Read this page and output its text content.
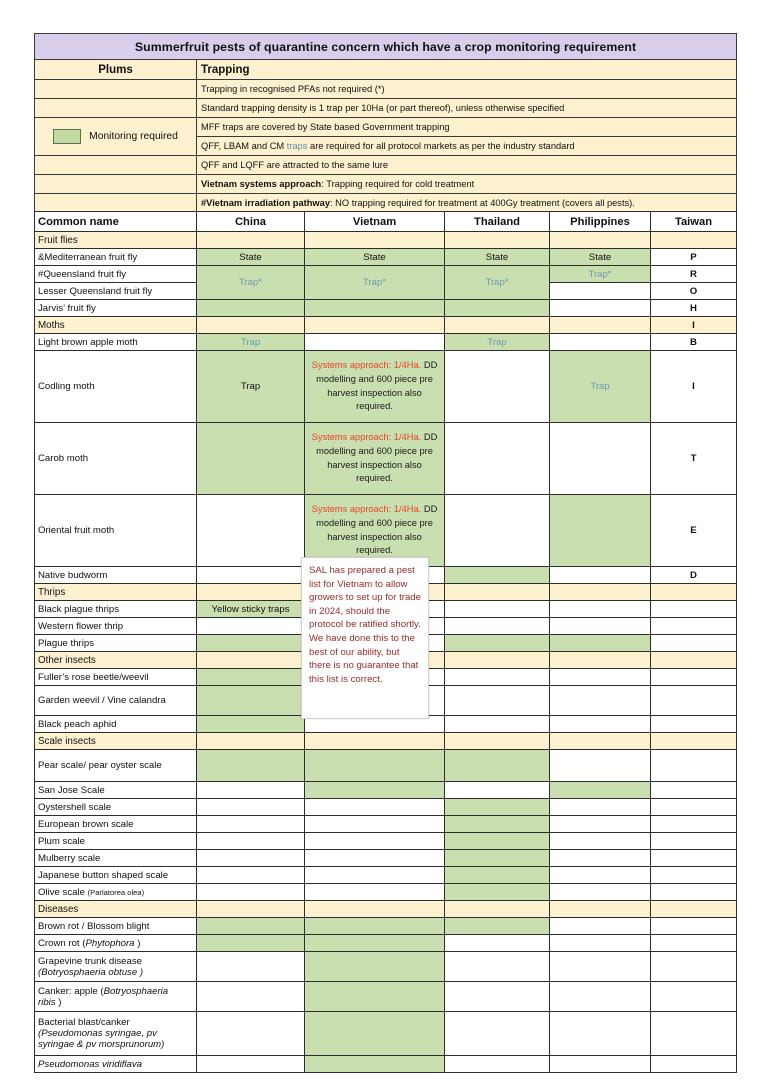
Summerfruit pests of quarantine concern which have a crop monitoring requirement	
Plums	Trapping
	Trapping in recognised PFAs not required (*)
	Standard trapping density is 1 trap per 10Ha (or part thereof), unless otherwise specified

Monitoring required	MFF traps are covered by State based Government trapping
	QFF, LBAM and CM traps are required for all protocol markets as per the industry standard
	QFF and LQFF are attracted to the same lure
	Vietnam systems approach: Trapping required for cold treatment
	#Vietnam irradiation pathway: NO trapping required for treatment at 400Gy treatment (covers all pests).
Common name	China	Vietnam	Thailand	Philippines	Taiwan
Fruit flies					
&Mediterranean fruit fly	State	State	State	State	P
#Queensland fruit fly	Trap*	Trap*	Trap*	Trap*	R
Lesser Queensland fruit fly					O
Jarvis’ fruit fly					H
Moths					I
Light brown apple moth	Trap		Trap		B
Codling moth	Trap	Systems approach: 1/4Ha. DD modelling and 600 piece pre harvest inspection also required.		Trap	I
Carob moth		Systems approach: 1/4Ha. DD modelling and 600 piece pre harvest inspection also required.			T
Oriental fruit moth		Systems approach: 1/4Ha. DD modelling and 600 piece pre harvest inspection also required.			E
Native budworm					D
Thrips					
Black plague thrips	Yellow sticky traps				
Western flower thrip					
Plague thrips					
Other insects					
Fuller’s rose beetle/weevil					
Garden weevil / Vine calandra					
Black peach aphid					
Scale insects					
Pear scale/ pear oyster scale					
San Jose Scale					
Oystershell scale					
European brown scale					
Plum scale					
Mulberry scale					
Japanese button shaped scale					
Olive scale (Parlatorea olea)					
Diseases					
Brown rot / Blossom blight					
Crown rot (Phytophora )					

Grapevine trunk disease
(Botryosphaeria obtuse )					

Canker: apple (Botryosphaeria
ribis )					

Bacterial blast/canker
(Pseudomonas syringae, pv
syringae & pv morsprunorum)					

Pseudomonas viridiflava					
SAL has prepared a pest list for Vietnam to allow growers to set up for trade in 2024, should the protocol be ratified shortly. We have done this to the best of our ability, but there is no guarantee that this list is correct.
